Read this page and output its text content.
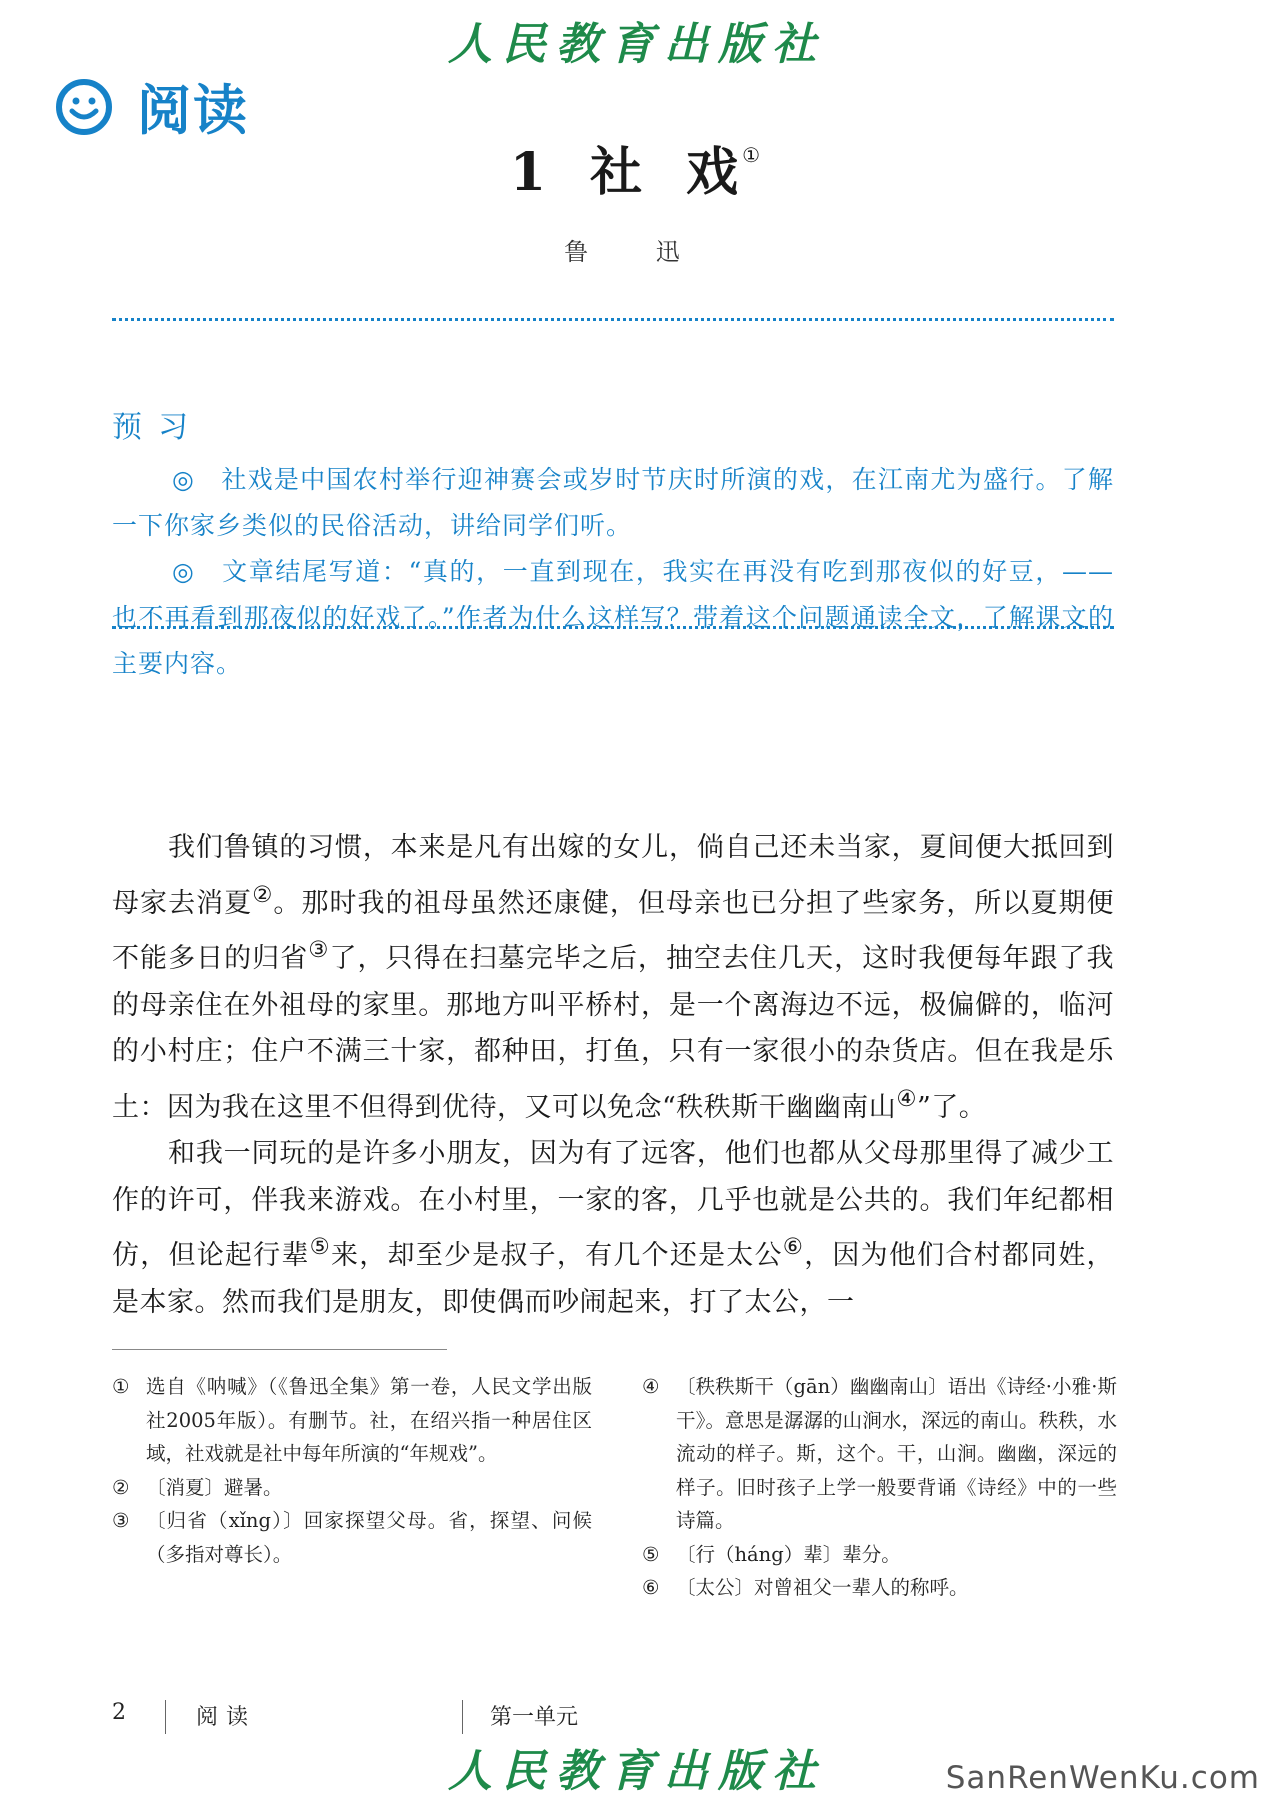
人民教育出版社
阅读
1 社 戏①
鲁 迅
预习

◎　社戏是中国农村举行迎神赛会或岁时节庆时所演的戏，在江南尤为盛行。了解一下你家乡类似的民俗活动，讲给同学们听。

◎　文章结尾写道：“真的，一直到现在，我实在再没有吃到那夜似的好豆，——也不再看到那夜似的好戏了。”作者为什么这样写？带着这个问题通读全文，了解课文的主要内容。

我们鲁镇的习惯，本来是凡有出嫁的女儿，倘自己还未当家，夏间便大抵回到母家去消夏②。那时我的祖母虽然还康健，但母亲也已分担了些家务，所以夏期便不能多日的归省③了，只得在扫墓完毕之后，抽空去住几天，这时我便每年跟了我的母亲住在外祖母的家里。那地方叫平桥村，是一个离海边不远，极偏僻的，临河的小村庄；住户不满三十家，都种田，打鱼，只有一家很小的杂货店。但在我是乐土：因为我在这里不但得到优待，又可以免念“秩秩斯干幽幽南山④”了。

和我一同玩的是许多小朋友，因为有了远客，他们也都从父母那里得了减少工作的许可，伴我来游戏。在小村里，一家的客，几乎也就是公共的。我们年纪都相仿，但论起行辈⑤来，却至少是叔子，有几个还是太公⑥，因为他们合村都同姓，是本家。然而我们是朋友，即使偶而吵闹起来，打了太公，一

① 选自《呐喊》（《鲁迅全集》第一卷，人民文学出版社2005年版）。有删节。社，在绍兴指一种居住区域，社戏就是社中每年所演的“年规戏”。
② 〔消夏〕避暑。
③ 〔归省（xǐng）〕回家探望父母。省，探望、问候（多指对尊长）。
④ 〔秩秩斯干（gān）幽幽南山〕语出《诗经·小雅·斯干》。意思是潺潺的山涧水，深远的南山。秩秩，水流动的样子。斯，这个。干，山涧。幽幽，深远的样子。旧时孩子上学一般要背诵《诗经》中的一些诗篇。
⑤ 〔行（háng）辈〕辈分。
⑥ 〔太公〕对曾祖父一辈人的称呼。
2	阅读	第一单元
人民教育出版社	SanRenWenKu.com
